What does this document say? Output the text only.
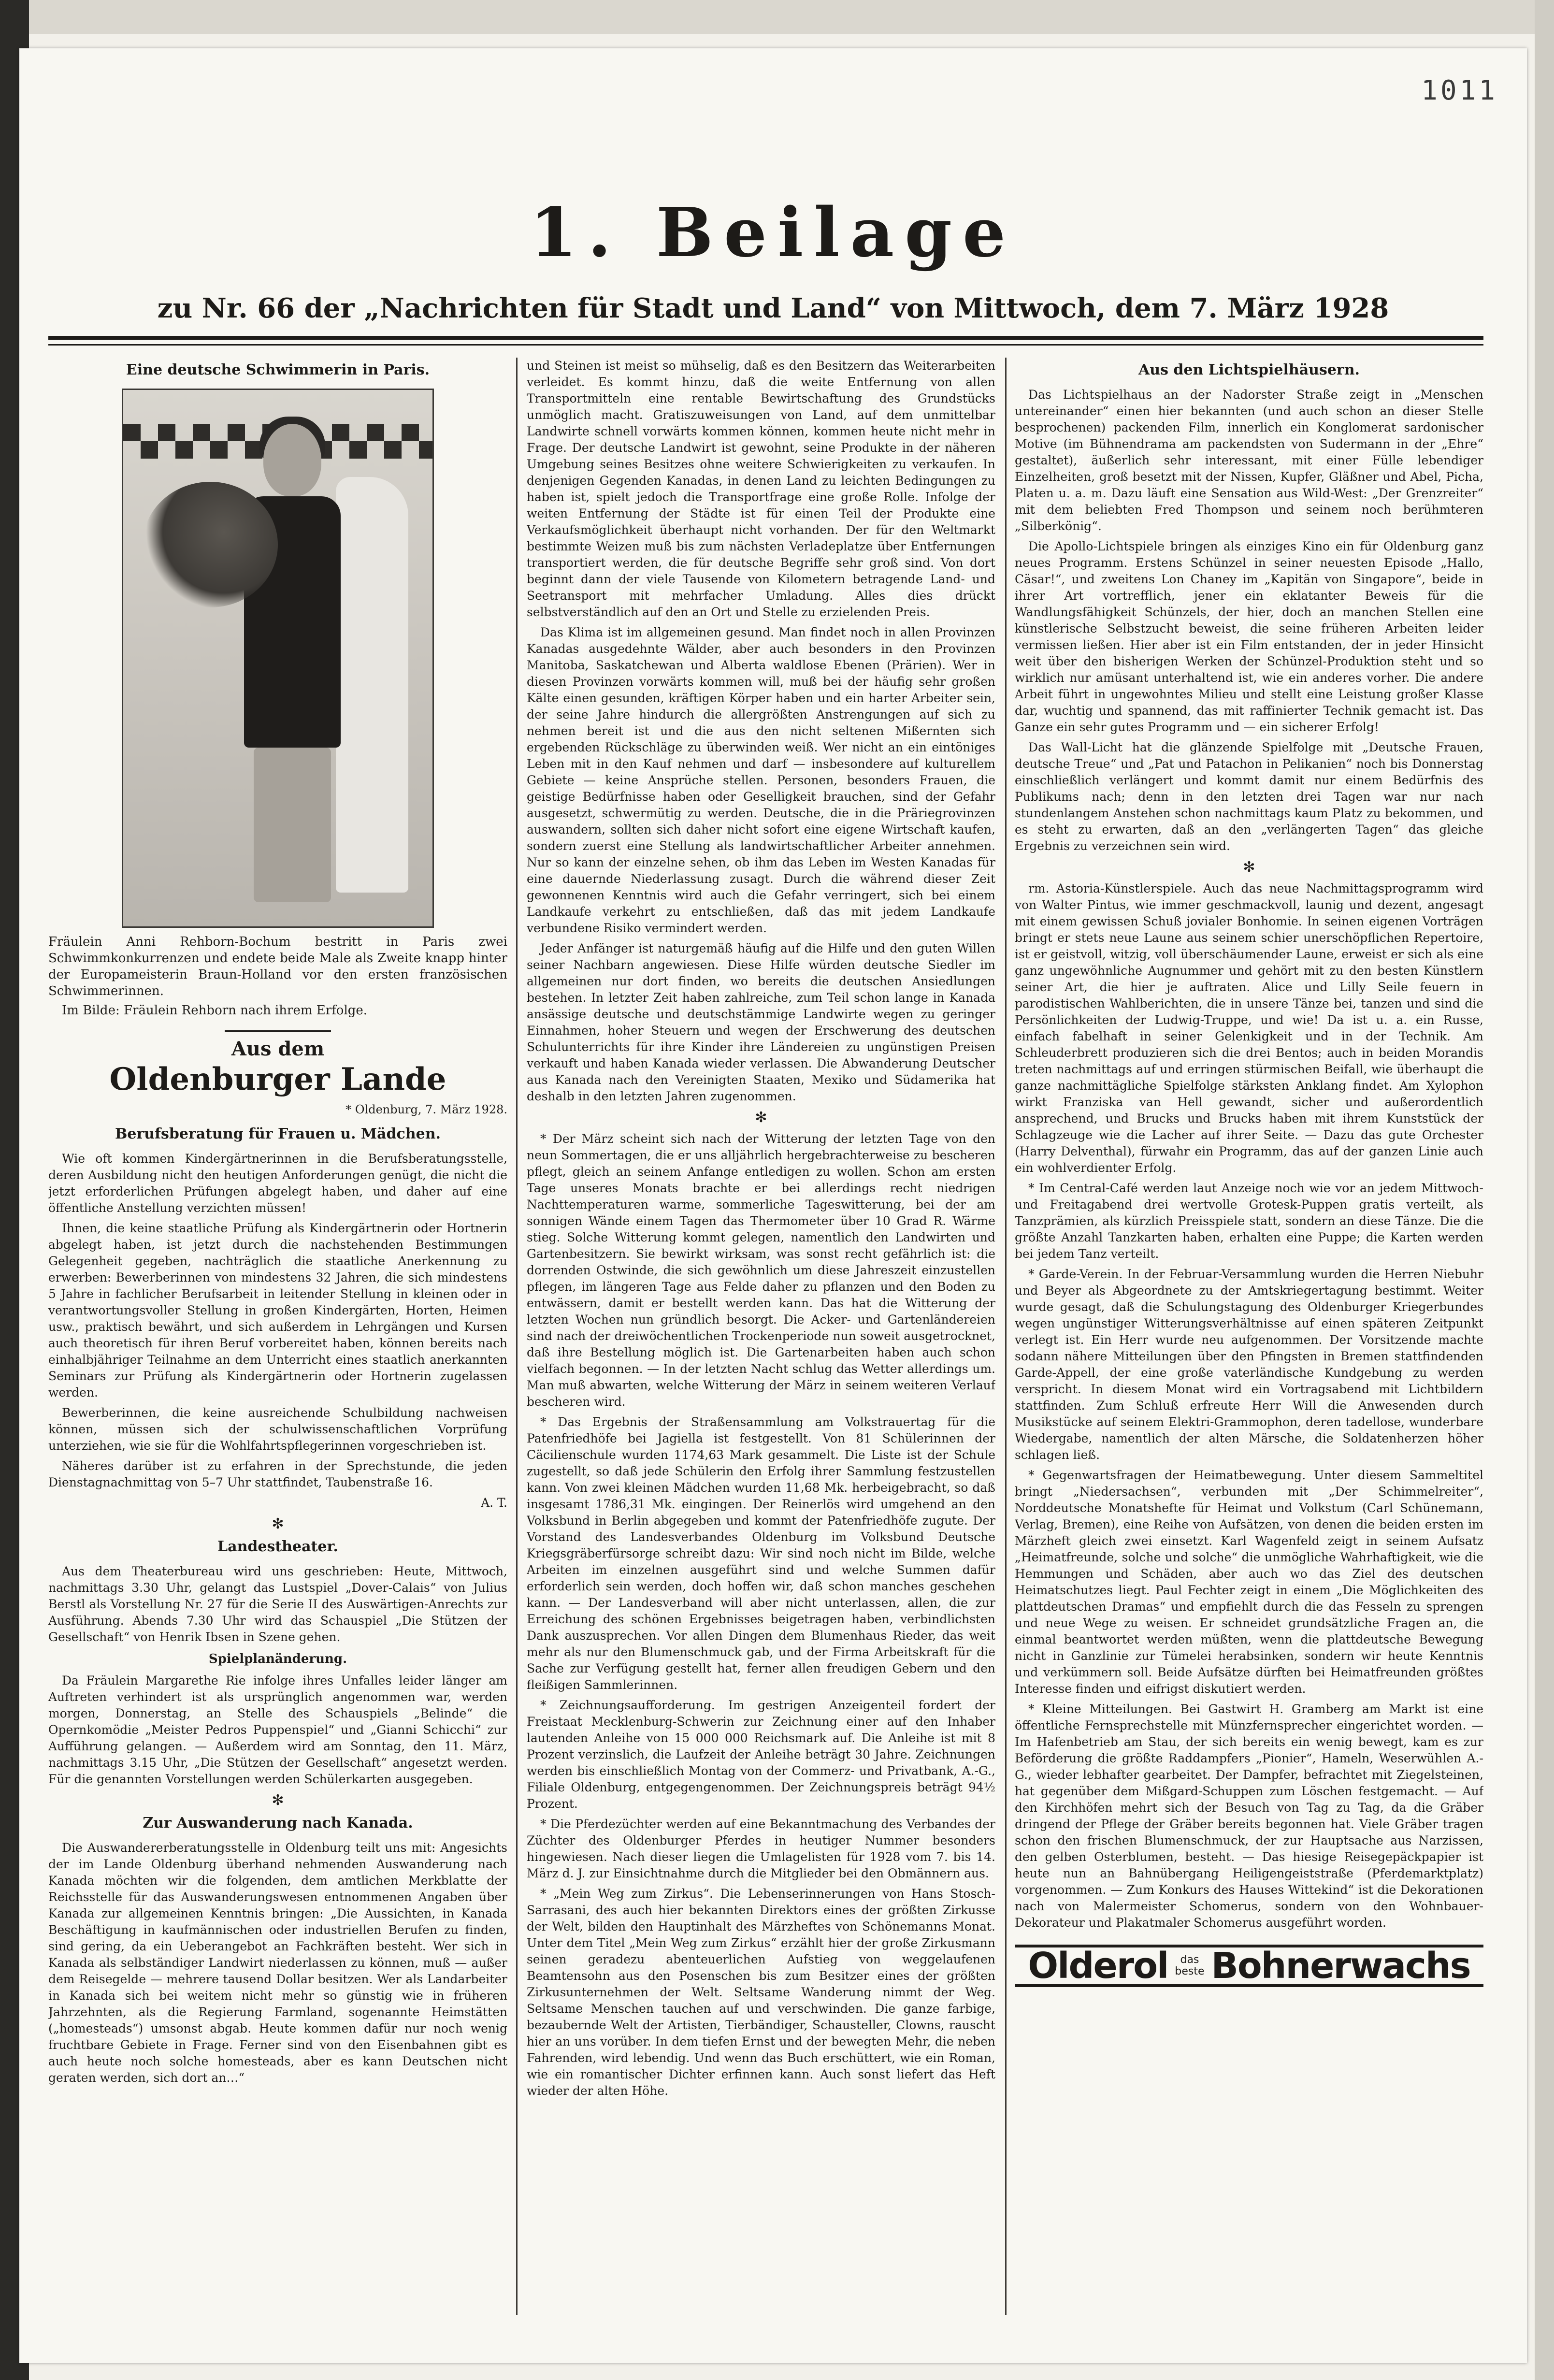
1011
1. Beilage
zu Nr. 66 der „Nachrichten für Stadt und Land“ von Mittwoch, dem 7. März 1928
Eine deutsche Schwimmerin in Paris.
Fräulein Anni Rehborn-Bochum bestritt in Paris zwei Schwimmkonkurrenzen und endete beide Male als Zweite knapp hinter der Europameisterin Braun-Holland vor den ersten französischen Schwimmerinnen.
Im Bilde: Fräulein Rehborn nach ihrem Erfolge.
Aus dem
Oldenburger Lande
* Oldenburg, 7. März 1928.
Berufsberatung für Frauen u. Mädchen.

Wie oft kommen Kindergärtnerinnen in die Berufsberatungsstelle, deren Ausbildung nicht den heutigen Anforderungen genügt, die nicht die jetzt erforderlichen Prüfungen abgelegt haben, und daher auf eine öffentliche Anstellung verzichten müssen!

Ihnen, die keine staatliche Prüfung als Kindergärtnerin oder Hortnerin abgelegt haben, ist jetzt durch die nachstehenden Bestimmungen Gelegenheit gegeben, nachträglich die staatliche Anerkennung zu erwerben: Bewerberinnen von mindestens 32 Jahren, die sich mindestens 5 Jahre in fachlicher Berufsarbeit in leitender Stellung in kleinen oder in verantwortungsvoller Stellung in großen Kindergärten, Horten, Heimen usw., praktisch bewährt, und sich außerdem in Lehrgängen und Kursen auch theoretisch für ihren Beruf vorbereitet haben, können bereits nach einhalbjähriger Teilnahme an dem Unterricht eines staatlich anerkannten Seminars zur Prüfung als Kindergärtnerin oder Hortnerin zugelassen werden.

Bewerberinnen, die keine ausreichende Schulbildung nachweisen können, müssen sich der schulwissenschaftlichen Vorprüfung unterziehen, wie sie für die Wohlfahrtspflegerinnen vorgeschrieben ist.

Näheres darüber ist zu erfahren in der Sprechstunde, die jeden Dienstagnachmittag von 5–7 Uhr stattfindet, Taubenstraße 16.

A. T.
✻
Landestheater.

Aus dem Theaterbureau wird uns geschrieben: Heute, Mittwoch, nachmittags 3.30 Uhr, gelangt das Lustspiel „Dover-Calais“ von Julius Berstl als Vorstellung Nr. 27 für die Serie II des Auswärtigen-Anrechts zur Ausführung. Abends 7.30 Uhr wird das Schauspiel „Die Stützen der Gesellschaft“ von Henrik Ibsen in Szene gehen.

Spielplanänderung.

Da Fräulein Margarethe Rie infolge ihres Unfalles leider länger am Auftreten verhindert ist als ursprünglich angenommen war, werden morgen, Donnerstag, an Stelle des Schauspiels „Belinde“ die Opernkomödie „Meister Pedros Puppenspiel“ und „Gianni Schicchi“ zur Aufführung gelangen. — Außerdem wird am Sonntag, den 11. März, nachmittags 3.15 Uhr, „Die Stützen der Gesellschaft“ angesetzt werden. Für die genannten Vorstellungen werden Schülerkarten ausgegeben.

✻
Zur Auswanderung nach Kanada.

Die Auswandererberatungsstelle in Oldenburg teilt uns mit: Angesichts der im Lande Oldenburg überhand nehmenden Auswanderung nach Kanada möchten wir die folgenden, dem amtlichen Merkblatte der Reichsstelle für das Auswanderungswesen entnommenen Angaben über Kanada zur allgemeinen Kenntnis bringen: „Die Aussichten, in Kanada Beschäftigung in kaufmännischen oder industriellen Berufen zu finden, sind gering, da ein Ueberangebot an Fachkräften besteht. Wer sich in Kanada als selbständiger Landwirt niederlassen zu können, muß — außer dem Reisegelde — mehrere tausend Dollar besitzen. Wer als Landarbeiter in Kanada sich bei weitem nicht mehr so günstig wie in früheren Jahrzehnten, als die Regierung Farmland, sogenannte Heimstätten („homesteads“) umsonst abgab. Heute kommen dafür nur noch wenig fruchtbare Gebiete in Frage. Ferner sind von den Eisenbahnen gibt es auch heute noch solche homesteads, aber es kann Deutschen nicht geraten werden, sich dort an…“

und Steinen ist meist so mühselig, daß es den Besitzern das Weiterarbeiten verleidet. Es kommt hinzu, daß die weite Entfernung von allen Transportmitteln eine rentable Bewirtschaftung des Grundstücks unmöglich macht. Gratiszuweisungen von Land, auf dem unmittelbar Landwirte schnell vorwärts kommen können, kommen heute nicht mehr in Frage. Der deutsche Landwirt ist gewohnt, seine Produkte in der näheren Umgebung seines Besitzes ohne weitere Schwierigkeiten zu verkaufen. In denjenigen Gegenden Kanadas, in denen Land zu leichten Bedingungen zu haben ist, spielt jedoch die Transportfrage eine große Rolle. Infolge der weiten Entfernung der Städte ist für einen Teil der Produkte eine Verkaufsmöglichkeit überhaupt nicht vorhanden. Der für den Weltmarkt bestimmte Weizen muß bis zum nächsten Verladeplatze über Entfernungen transportiert werden, die für deutsche Begriffe sehr groß sind. Von dort beginnt dann der viele Tausende von Kilometern betragende Land- und Seetransport mit mehrfacher Umladung. Alles dies drückt selbstverständlich auf den an Ort und Stelle zu erzielenden Preis.

Das Klima ist im allgemeinen gesund. Man findet noch in allen Provinzen Kanadas ausgedehnte Wälder, aber auch besonders in den Provinzen Manitoba, Saskatchewan und Alberta waldlose Ebenen (Prärien). Wer in diesen Provinzen vorwärts kommen will, muß bei der häufig sehr großen Kälte einen gesunden, kräftigen Körper haben und ein harter Arbeiter sein, der seine Jahre hindurch die allergrößten Anstrengungen auf sich zu nehmen bereit ist und die aus den nicht seltenen Mißernten sich ergebenden Rückschläge zu überwinden weiß. Wer nicht an ein eintöniges Leben mit in den Kauf nehmen und darf — insbesondere auf kulturellem Gebiete — keine Ansprüche stellen. Personen, besonders Frauen, die geistige Bedürfnisse haben oder Geselligkeit brauchen, sind der Gefahr ausgesetzt, schwermütig zu werden. Deutsche, die in die Präriegrovinzen auswandern, sollten sich daher nicht sofort eine eigene Wirtschaft kaufen, sondern zuerst eine Stellung als landwirtschaftlicher Arbeiter annehmen. Nur so kann der einzelne sehen, ob ihm das Leben im Westen Kanadas für eine dauernde Niederlassung zusagt. Durch die während dieser Zeit gewonnenen Kenntnis wird auch die Gefahr verringert, sich bei einem Landkaufe verkehrt zu entschließen, daß das mit jedem Landkaufe verbundene Risiko vermindert werden.

Jeder Anfänger ist naturgemäß häufig auf die Hilfe und den guten Willen seiner Nachbarn angewiesen. Diese Hilfe würden deutsche Siedler im allgemeinen nur dort finden, wo bereits die deutschen Ansiedlungen bestehen. In letzter Zeit haben zahlreiche, zum Teil schon lange in Kanada ansässige deutsche und deutschstämmige Landwirte wegen zu geringer Einnahmen, hoher Steuern und wegen der Erschwerung des deutschen Schulunterrichts für ihre Kinder ihre Ländereien zu ungünstigen Preisen verkauft und haben Kanada wieder verlassen. Die Abwanderung Deutscher aus Kanada nach den Vereinigten Staaten, Mexiko und Südamerika hat deshalb in den letzten Jahren zugenommen.

✻

* Der März scheint sich nach der Witterung der letzten Tage von den neun Sommertagen, die er uns alljährlich hergebrachterweise zu bescheren pflegt, gleich an seinem Anfange entledigen zu wollen. Schon am ersten Tage unseres Monats brachte er bei allerdings recht niedrigen Nachttemperaturen warme, sommerliche Tageswitterung, bei der am sonnigen Wände einem Tagen das Thermometer über 10 Grad R. Wärme stieg. Solche Witterung kommt gelegen, namentlich den Landwirten und Gartenbesitzern. Sie bewirkt wirksam, was sonst recht gefährlich ist: die dorrenden Ostwinde, die sich gewöhnlich um diese Jahreszeit einzustellen pflegen, im längeren Tage aus Felde daher zu pflanzen und den Boden zu entwässern, damit er bestellt werden kann. Das hat die Witterung der letzten Wochen nun gründlich besorgt. Die Acker- und Gartenländereien sind nach der dreiwöchentlichen Trockenperiode nun soweit ausgetrocknet, daß ihre Bestellung möglich ist. Die Gartenarbeiten haben auch schon vielfach begonnen. — In der letzten Nacht schlug das Wetter allerdings um. Man muß abwarten, welche Witterung der März in seinem weiteren Verlauf bescheren wird.

* Das Ergebnis der Straßensammlung am Volkstrauertag für die Patenfriedhöfe bei Jagiella ist festgestellt. Von 81 Schülerinnen der Cäcilienschule wurden 1174,63 Mark gesammelt. Die Liste ist der Schule zugestellt, so daß jede Schülerin den Erfolg ihrer Sammlung festzustellen kann. Von zwei kleinen Mädchen wurden 11,68 Mk. herbeigebracht, so daß insgesamt 1786,31 Mk. eingingen. Der Reinerlös wird umgehend an den Volksbund in Berlin abgegeben und kommt der Patenfriedhöfe zugute. Der Vorstand des Landesverbandes Oldenburg im Volksbund Deutsche Kriegsgräberfürsorge schreibt dazu: Wir sind noch nicht im Bilde, welche Arbeiten im einzelnen ausgeführt sind und welche Summen dafür erforderlich sein werden, doch hoffen wir, daß schon manches geschehen kann. — Der Landesverband will aber nicht unterlassen, allen, die zur Erreichung des schönen Ergebnisses beigetragen haben, verbindlichsten Dank auszusprechen. Vor allen Dingen dem Blumenhaus Rieder, das weit mehr als nur den Blumenschmuck gab, und der Firma Arbeitskraft für die Sache zur Verfügung gestellt hat, ferner allen freudigen Gebern und den fleißigen Sammlerinnen.

* Zeichnungsaufforderung. Im gestrigen Anzeigenteil fordert der Freistaat Mecklenburg-Schwerin zur Zeichnung einer auf den Inhaber lautenden Anleihe von 15 000 000 Reichsmark auf. Die Anleihe ist mit 8 Prozent verzinslich, die Laufzeit der Anleihe beträgt 30 Jahre. Zeichnungen werden bis einschließlich Montag von der Commerz- und Privatbank, A.-G., Filiale Oldenburg, entgegengenommen. Der Zeichnungspreis beträgt 94½ Prozent.

* Die Pferdezüchter werden auf eine Bekanntmachung des Verbandes der Züchter des Oldenburger Pferdes in heutiger Nummer besonders hingewiesen. Nach dieser liegen die Umlagelisten für 1928 vom 7. bis 14. März d. J. zur Einsichtnahme durch die Mitglieder bei den Obmännern aus.

* „Mein Weg zum Zirkus“. Die Lebenserinnerungen von Hans Stosch-Sarrasani, des auch hier bekannten Direktors eines der größten Zirkusse der Welt, bilden den Hauptinhalt des Märzheftes von Schönemanns Monat. Unter dem Titel „Mein Weg zum Zirkus“ erzählt hier der große Zirkusmann seinen geradezu abenteuerlichen Aufstieg von weggelaufenen Beamtensohn aus den Posenschen bis zum Besitzer eines der größten Zirkusunternehmen der Welt. Seltsame Wanderung nimmt der Weg. Seltsame Menschen tauchen auf und verschwinden. Die ganze farbige, bezaubernde Welt der Artisten, Tierbändiger, Schausteller, Clowns, rauscht hier an uns vorüber. In dem tiefen Ernst und der bewegten Mehr, die neben Fahrenden, wird lebendig. Und wenn das Buch erschüttert, wie ein Roman, wie ein romantischer Dichter erfinnen kann. Auch sonst liefert das Heft wieder der alten Höhe.

Aus den Lichtspielhäusern.

Das Lichtspielhaus an der Nadorster Straße zeigt in „Menschen untereinander“ einen hier bekannten (und auch schon an dieser Stelle besprochenen) packenden Film, innerlich ein Konglomerat sardonischer Motive (im Bühnendrama am packendsten von Sudermann in der „Ehre“ gestaltet), äußerlich sehr interessant, mit einer Fülle lebendiger Einzelheiten, groß besetzt mit der Nissen, Kupfer, Gläßner und Abel, Picha, Platen u. a. m. Dazu läuft eine Sensation aus Wild-West: „Der Grenzreiter“ mit dem beliebten Fred Thompson und seinem noch berühmteren „Silberkönig“.

Die Apollo-Lichtspiele bringen als einziges Kino ein für Oldenburg ganz neues Programm. Erstens Schünzel in seiner neuesten Episode „Hallo, Cäsar!“, und zweitens Lon Chaney im „Kapitän von Singapore“, beide in ihrer Art vortrefflich, jener ein eklatanter Beweis für die Wandlungsfähigkeit Schünzels, der hier, doch an manchen Stellen eine künstlerische Selbstzucht beweist, die seine früheren Arbeiten leider vermissen ließen. Hier aber ist ein Film entstanden, der in jeder Hinsicht weit über den bisherigen Werken der Schünzel-Produktion steht und so wirklich nur amüsant unterhaltend ist, wie ein anderes vorher. Die andere Arbeit führt in ungewohntes Milieu und stellt eine Leistung großer Klasse dar, wuchtig und spannend, das mit raffinierter Technik gemacht ist. Das Ganze ein sehr gutes Programm und — ein sicherer Erfolg!

Das Wall-Licht hat die glänzende Spielfolge mit „Deutsche Frauen, deutsche Treue“ und „Pat und Patachon in Pelikanien“ noch bis Donnerstag einschließlich verlängert und kommt damit nur einem Bedürfnis des Publikums nach; denn in den letzten drei Tagen war nur nach stundenlangem Anstehen schon nachmittags kaum Platz zu bekommen, und es steht zu erwarten, daß an den „verlängerten Tagen“ das gleiche Ergebnis zu verzeichnen sein wird.

✻

rm. Astoria-Künstlerspiele. Auch das neue Nachmittagsprogramm wird von Walter Pintus, wie immer geschmackvoll, launig und dezent, angesagt mit einem gewissen Schuß jovialer Bonhomie. In seinen eigenen Vorträgen bringt er stets neue Laune aus seinem schier unerschöpflichen Repertoire, ist er geistvoll, witzig, voll überschäumender Laune, erweist er sich als eine ganz ungewöhnliche Augnummer und gehört mit zu den besten Künstlern seiner Art, die hier je auftraten. Alice und Lilly Seile feuern in parodistischen Wahlberichten, die in unsere Tänze bei, tanzen und sind die Persönlichkeiten der Ludwig-Truppe, und wie! Da ist u. a. ein Russe, einfach fabelhaft in seiner Gelenkigkeit und in der Technik. Am Schleuderbrett produzieren sich die drei Bentos; auch in beiden Morandis treten nachmittags auf und erringen stürmischen Beifall, wie überhaupt die ganze nachmittägliche Spielfolge stärksten Anklang findet. Am Xylophon wirkt Franziska van Hell gewandt, sicher und außerordentlich ansprechend, und Brucks und Brucks haben mit ihrem Kunststück der Schlagzeuge wie die Lacher auf ihrer Seite. — Dazu das gute Orchester (Harry Delventhal), fürwahr ein Programm, das auf der ganzen Linie auch ein wohlverdienter Erfolg.

* Im Central-Café werden laut Anzeige noch wie vor an jedem Mittwoch- und Freitagabend drei wertvolle Grotesk-Puppen gratis verteilt, als Tanzprämien, als kürzlich Preisspiele statt, sondern an diese Tänze. Die die größte Anzahl Tanzkarten haben, erhalten eine Puppe; die Karten werden bei jedem Tanz verteilt.

* Garde-Verein. In der Februar-Versammlung wurden die Herren Niebuhr und Beyer als Abgeordnete zu der Amtskriegertagung bestimmt. Weiter wurde gesagt, daß die Schulungstagung des Oldenburger Kriegerbundes wegen ungünstiger Witterungsverhältnisse auf einen späteren Zeitpunkt verlegt ist. Ein Herr wurde neu aufgenommen. Der Vorsitzende machte sodann nähere Mitteilungen über den Pfingsten in Bremen stattfindenden Garde-Appell, der eine große vaterländische Kundgebung zu werden verspricht. In diesem Monat wird ein Vortragsabend mit Lichtbildern stattfinden. Zum Schluß erfreute Herr Will die Anwesenden durch Musikstücke auf seinem Elektri-Grammophon, deren tadellose, wunderbare Wiedergabe, namentlich der alten Märsche, die Soldatenherzen höher schlagen ließ.

* Gegenwartsfragen der Heimatbewegung. Unter diesem Sammeltitel bringt „Niedersachsen“, verbunden mit „Der Schimmelreiter“, Norddeutsche Monatshefte für Heimat und Volkstum (Carl Schünemann, Verlag, Bremen), eine Reihe von Aufsätzen, von denen die beiden ersten im Märzheft gleich zwei einsetzt. Karl Wagenfeld zeigt in seinem Aufsatz „Heimatfreunde, solche und solche“ die unmögliche Wahrhaftigkeit, wie die Hemmungen und Schäden, aber auch wo das Ziel des deutschen Heimatschutzes liegt. Paul Fechter zeigt in einem „Die Möglichkeiten des plattdeutschen Dramas“ und empfiehlt durch die das Fesseln zu sprengen und neue Wege zu weisen. Er schneidet grundsätzliche Fragen an, die einmal beantwortet werden müßten, wenn die plattdeutsche Bewegung nicht in Ganzlinie zur Tümelei herabsinken, sondern wir heute Kenntnis und verkümmern soll. Beide Aufsätze dürften bei Heimatfreunden größtes Interesse finden und eifrigst diskutiert werden.

* Kleine Mitteilungen. Bei Gastwirt H. Gramberg am Markt ist eine öffentliche Fernsprechstelle mit Münzfernsprecher eingerichtet worden. — Im Hafenbetrieb am Stau, der sich bereits ein wenig bewegt, kam es zur Beförderung die größte Raddampfers „Pionier“, Hameln, Weserwühlen A.-G., wieder lebhafter gearbeitet. Der Dampfer, befrachtet mit Ziegelsteinen, hat gegenüber dem Mißgard-Schuppen zum Löschen festgemacht. — Auf den Kirchhöfen mehrt sich der Besuch von Tag zu Tag, da die Gräber dringend der Pflege der Gräber bereits begonnen hat. Viele Gräber tragen schon den frischen Blumenschmuck, der zur Hauptsache aus Narzissen, den gelben Osterblumen, besteht. — Das hiesige Reisegepäckpapier ist heute nun an Bahnübergang Heiligengeiststraße (Pferdemarktplatz) vorgenommen. — Zum Konkurs des Hauses Wittekind“ ist die Dekorationen nach von Malermeister Schomerus, sondern von den Wohnbauer-Dekorateur und Plakatmaler Schomerus ausgeführt worden.

Olderol	das
beste Bohnerwachs
